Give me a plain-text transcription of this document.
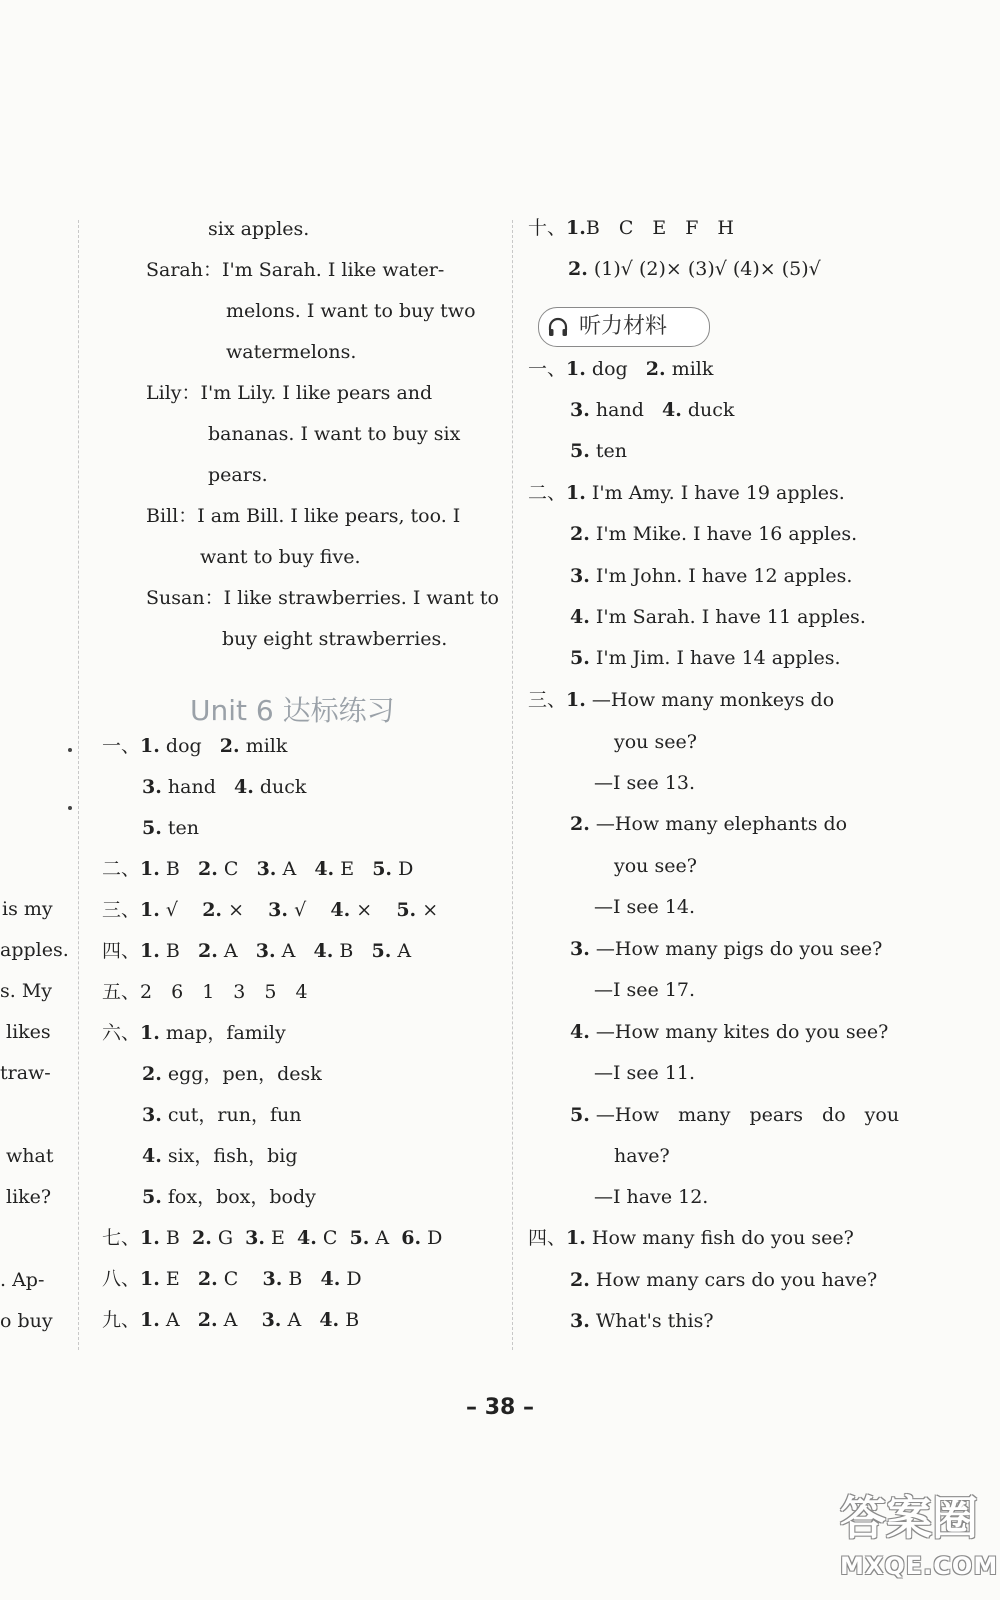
is my
apples.
s. My
likes
traw-
what
like?
. Ap-
o buy
six apples.
Sarah：I'm Sarah. I like water-
melons. I want to buy two
watermelons.
Lily：I'm Lily. I like pears and
bananas. I want to buy six
pears.
Bill：I am Bill. I like pears, too. I
want to buy five.
Susan：I like strawberries. I want to
buy eight strawberries.
Unit 6 达标练习
一、1. dog 2. milk
3. hand 4. duck
5. ten
二、1. B 2. C 3. A 4. E 5. D
三、1. √ 2. × 3. √ 4. × 5. ×
四、1. B 2. A 3. A 4. B 5. A
五、2　6　1　3　5　4
六、1. map，family
2. egg，pen，desk
3. cut，run，fun
4. six，fish，big
5. fox，box，body
七、1. B 2. G 3. E 4. C 5. A 6. D
八、1. E 2. C 3. B 4. D
九、1. A 2. A 3. A 4. B
十、1.B　C　E　F　H
2. (1)√ (2)× (3)√ (4)× (5)√
听力材料
一、1. dog 2. milk
3. hand 4. duck
5. ten
二、1. I'm Amy. I have 19 apples.
2. I'm Mike. I have 16 apples.
3. I'm John. I have 12 apples.
4. I'm Sarah. I have 11 apples.
5. I'm Jim. I have 14 apples.
三、1. —How many monkeys do
you see?
—I see 13.
2. —How many elephants do
you see?
—I see 14.
3. —How many pigs do you see?
—I see 17.
4. —How many kites do you see?
—I see 11.
5. —How　many　pears　do　you
have?
—I have 12.
四、1. How many fish do you see?
2. How many cars do you have?
3. What's this?
– 38 –
答案圈
MXQE.COM
